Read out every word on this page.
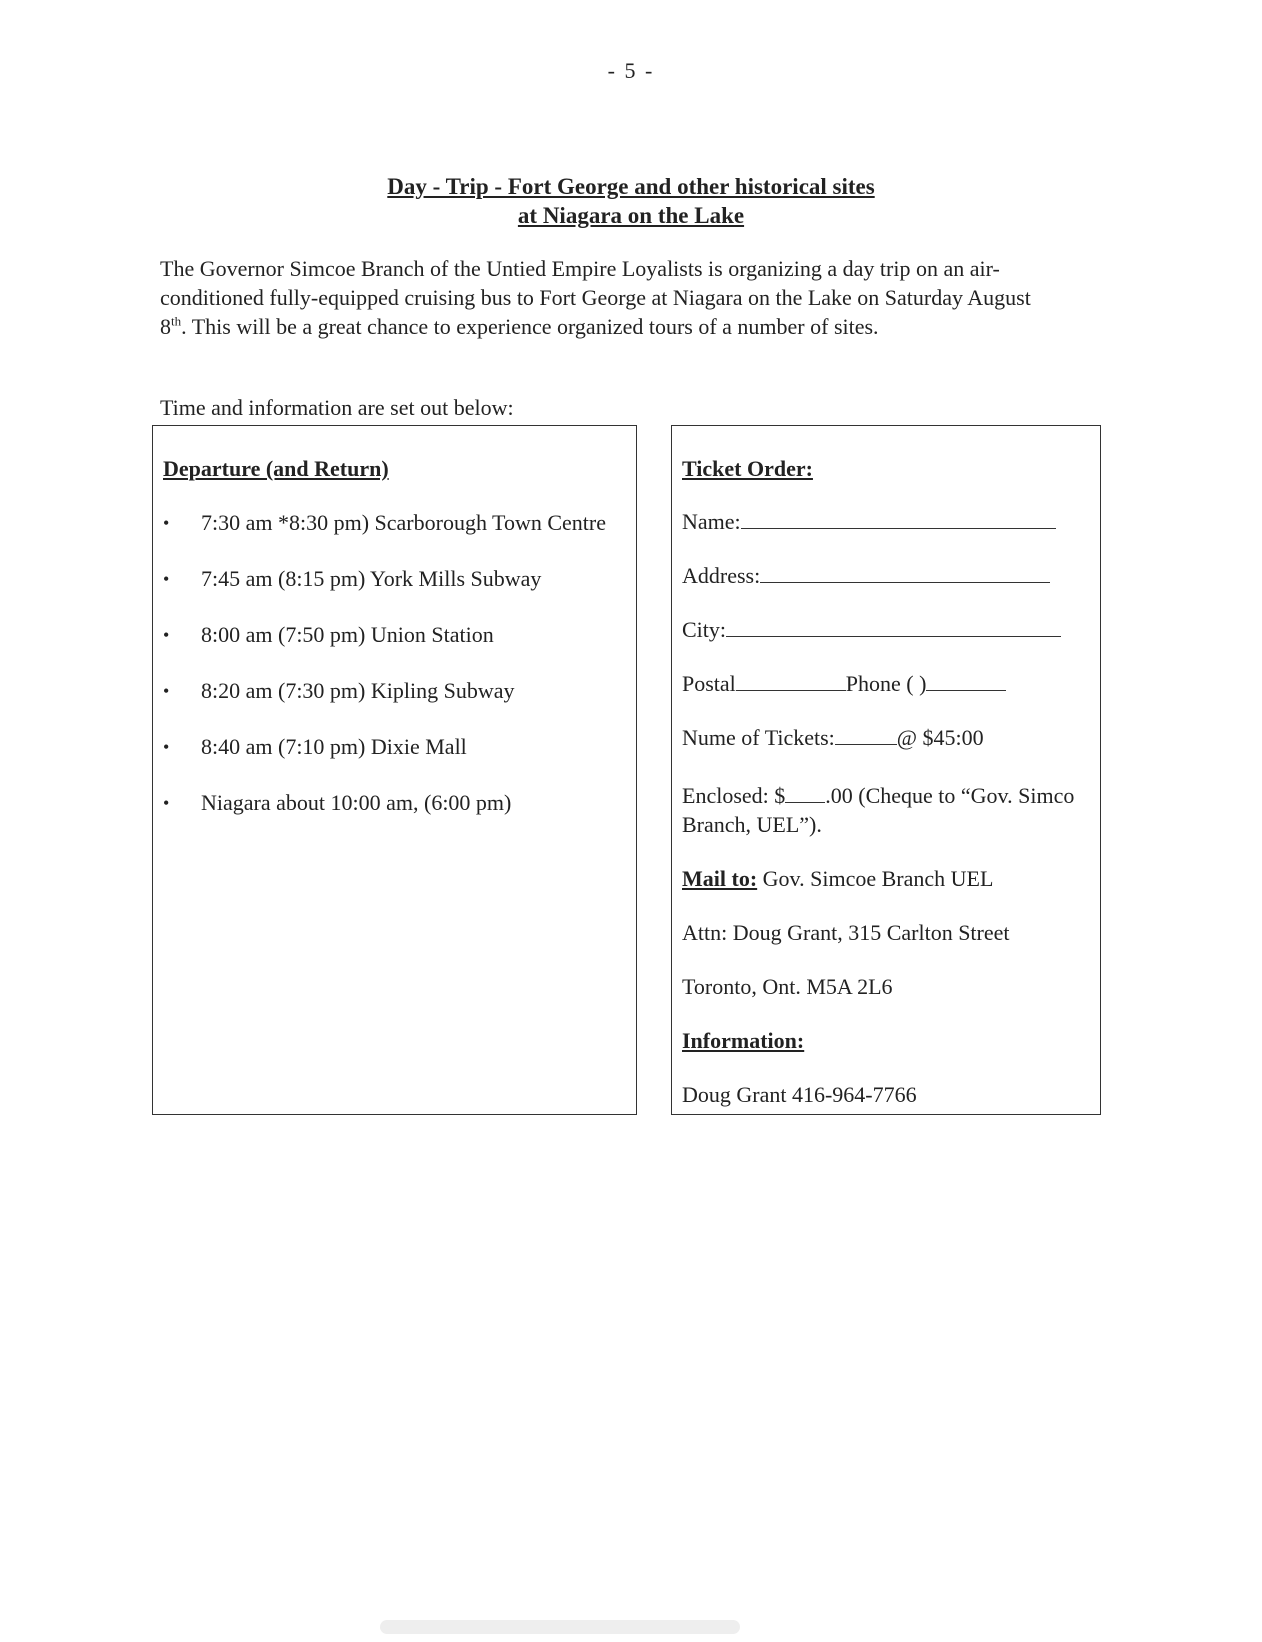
- 5 -
Day - Trip - Fort George and other historical sites
at Niagara on the Lake
The Governor Simcoe Branch of the Untied Empire Loyalists is organizing a day trip on an air-conditioned fully-equipped cruising bus to Fort George at Niagara on the Lake on Saturday August 8th. This will be a great chance to experience organized tours of a number of sites.
Time and information are set out below:
Departure (and Return)
• 7:30 am *8:30 pm) Scarborough Town Centre
• 7:45 am (8:15 pm) York Mills Subway
• 8:00 am (7:50 pm) Union Station
• 8:20 am (7:30 pm) Kipling Subway
• 8:40 am (7:10 pm) Dixie Mall
• Niagara about 10:00 am, (6:00 pm)
Ticket Order:
Name:
Address:
City:
Postal	Phone ( )
Nume of Tickets:	@ $45:00
Enclosed: $ .00 (Cheque to “Gov. Simco Branch, UEL”).
Mail to: Gov. Simcoe Branch UEL
Attn: Doug Grant, 315 Carlton Street
Toronto, Ont. M5A 2L6
Information:
Doug Grant 416-964-7766
